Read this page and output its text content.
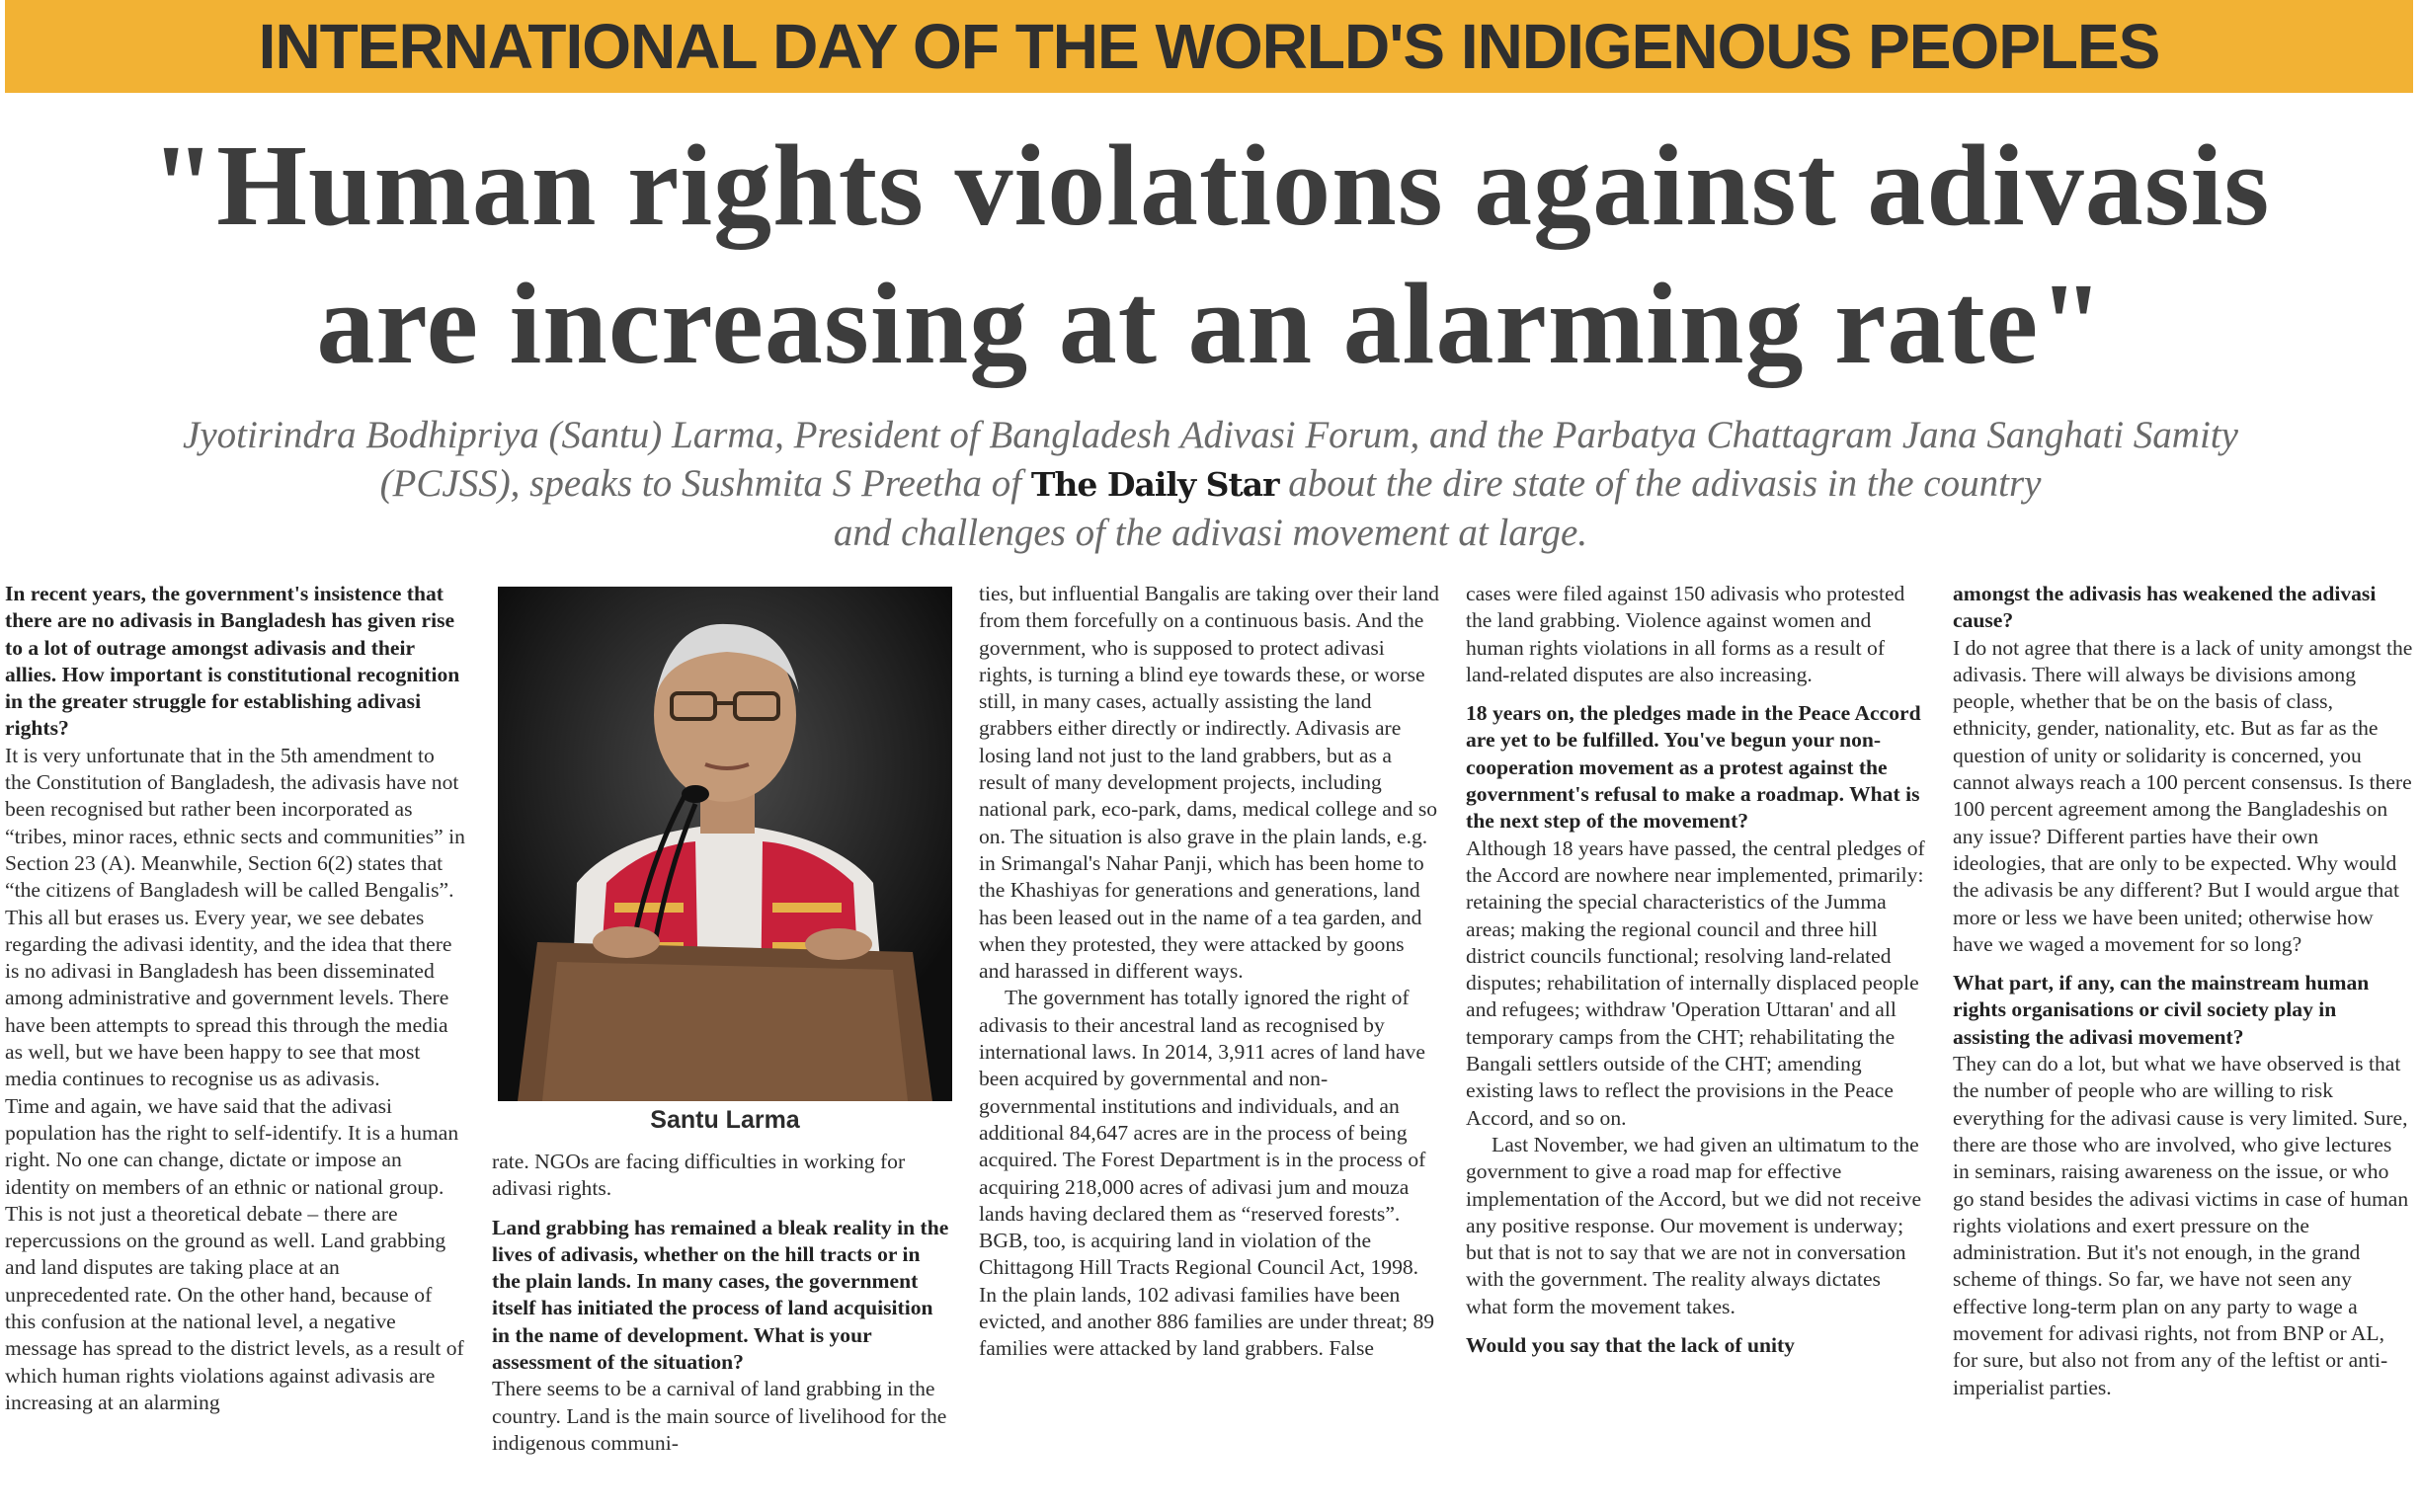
INTERNATIONAL DAY OF THE WORLD'S INDIGENOUS PEOPLES
"Human rights violations against adivasis
are increasing at an alarming rate"
Jyotirindra Bodhipriya (Santu) Larma, President of Bangladesh Adivasi Forum, and the Parbatya Chattagram Jana Sanghati Samity
(PCJSS), speaks to Sushmita S Preetha of The Daily Star about the dire state of the adivasis in the country
and challenges of the adivasi movement at large.
Santu Larma

In recent years, the government's insistence that there are no adivasis in Bangladesh has given rise to a lot of outrage amongst adivasis and their allies. How important is constitutional recognition in the greater struggle for establishing adivasi rights?

It is very unfortunate that in the 5th amendment to the Constitution of Bangladesh, the adivasis have not been recognised but rather been incorporated as “tribes, minor races, ethnic sects and communities” in Section 23 (A). Meanwhile, Section 6(2) states that “the citizens of Bangladesh will be called Bengalis”. This all but erases us. Every year, we see debates regarding the adivasi identity, and the idea that there is no adivasi in Bangladesh has been disseminated among administrative and government levels. There have been attempts to spread this through the media as well, but we have been happy to see that most media continues to recognise us as adivasis.

Time and again, we have said that the adivasi population has the right to self-identify. It is a human right. No one can change, dictate or impose an identity on members of an ethnic or national group. This is not just a theoretical debate – there are repercussions on the ground as well. Land grabbing and land disputes are taking place at an unprecedented rate. On the other hand, because of this confusion at the national level, a negative message has spread to the district levels, as a result of which human rights violations against adivasis are increasing at an alarming

rate. NGOs are facing difficulties in working for adivasi rights.

Land grabbing has remained a bleak reality in the lives of adivasis, whether on the hill tracts or in the plain lands. In many cases, the government itself has initiated the process of land acquisition in the name of development. What is your assessment of the situation?

There seems to be a carnival of land grabbing in the country. Land is the main source of livelihood for the indigenous communi-

ties, but influential Bangalis are taking over their land from them forcefully on a continuous basis. And the government, who is supposed to protect adivasi rights, is turning a blind eye towards these, or worse still, in many cases, actually assisting the land grabbers either directly or indirectly. Adivasis are losing land not just to the land grabbers, but as a result of many development projects, including national park, eco-park, dams, medical college and so on. The situation is also grave in the plain lands, e.g. in Srimangal's Nahar Panji, which has been home to the Khashiyas for generations and generations, land has been leased out in the name of a tea garden, and when they protested, they were attacked by goons and harassed in different ways.

The government has totally ignored the right of adivasis to their ancestral land as recognised by international laws. In 2014, 3,911 acres of land have been acquired by governmental and non-governmental institutions and individuals, and an additional 84,647 acres are in the process of being acquired. The Forest Department is in the process of acquiring 218,000 acres of adivasi jum and mouza lands having declared them as “reserved forests”. BGB, too, is acquiring land in violation of the Chittagong Hill Tracts Regional Council Act, 1998. In the plain lands, 102 adivasi families have been evicted, and another 886 families are under threat; 89 families were attacked by land grabbers. False

cases were filed against 150 adivasis who protested the land grabbing. Violence against women and human rights violations in all forms as a result of land-related disputes are also increasing.

18 years on, the pledges made in the Peace Accord are yet to be fulfilled. You've begun your non-cooperation movement as a protest against the government's refusal to make a roadmap. What is the next step of the movement?

Although 18 years have passed, the central pledges of the Accord are nowhere near implemented, primarily: retaining the special characteristics of the Jumma areas; making the regional council and three hill district councils functional; resolving land-related disputes; rehabilitation of internally displaced people and refugees; withdraw 'Operation Uttaran' and all temporary camps from the CHT; rehabilitating the Bangali settlers outside of the CHT; amending existing laws to reflect the provisions in the Peace Accord, and so on.

Last November, we had given an ultimatum to the government to give a road map for effective implementation of the Accord, but we did not receive any positive response. Our movement is underway; but that is not to say that we are not in conversation with the government. The reality always dictates what form the movement takes.

Would you say that the lack of unity

amongst the adivasis has weakened the adivasi cause?

I do not agree that there is a lack of unity amongst the adivasis. There will always be divisions among people, whether that be on the basis of class, ethnicity, gender, nationality, etc. But as far as the question of unity or solidarity is concerned, you cannot always reach a 100 percent consensus. Is there 100 percent agreement among the Bangladeshis on any issue? Different parties have their own ideologies, that are only to be expected. Why would the adivasis be any different? But I would argue that more or less we have been united; otherwise how have we waged a movement for so long?

What part, if any, can the mainstream human rights organisations or civil society play in assisting the adivasi movement?

They can do a lot, but what we have observed is that the number of people who are willing to risk everything for the adivasi cause is very limited. Sure, there are those who are involved, who give lectures in seminars, raising awareness on the issue, or who go stand besides the adivasi victims in case of human rights violations and exert pressure on the administration. But it's not enough, in the grand scheme of things. So far, we have not seen any effective long-term plan on any party to wage a movement for adivasi rights, not from BNP or AL, for sure, but also not from any of the leftist or anti-imperialist parties.
